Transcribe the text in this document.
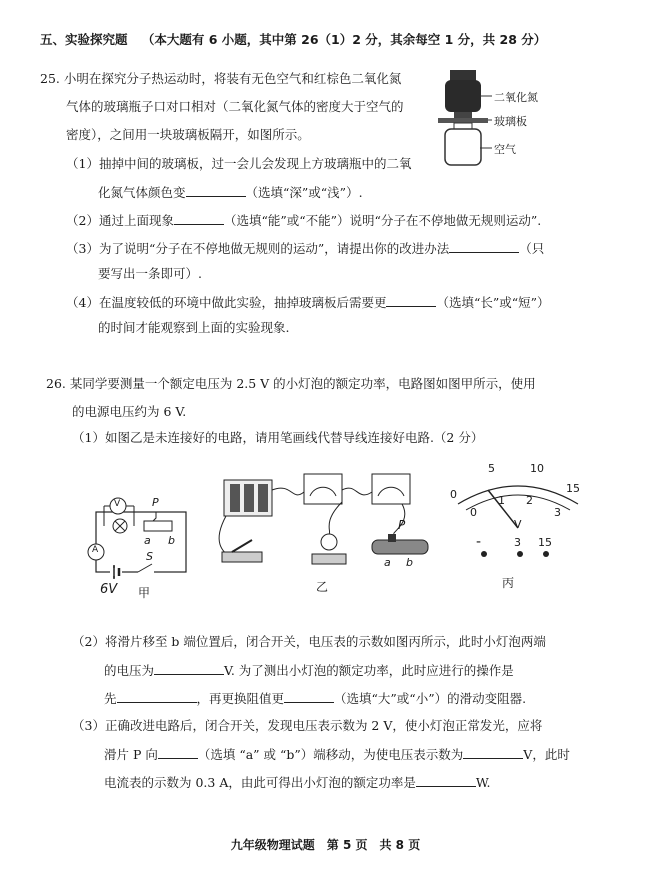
五、实验探究题 （本大题有 6 小题，其中第 26（1）2 分，其余每空 1 分，共 28 分）
25. 小明在探究分子热运动时，将装有无色空气和红棕色二氧化氮
气体的玻璃瓶子口对口相对（二氧化氮气体的密度大于空气的
密度），之间用一块玻璃板隔开，如图所示。
二氧化氮
玻璃板
空气
（1）抽掉中间的玻璃板，过一会儿会发现上方玻璃瓶中的二氧
化氮气体颜色变	（选填“深”或“浅”）.
（2）通过上面现象	（选填“能”或“不能”）说明“分子在不停地做无规则运动”.
（3）为了说明“分子在不停地做无规则的运动”，请提出你的改进办法	（只
要写出一条即可）.
（4）在温度较低的环境中做此实验，抽掉玻璃板后需要更	（选填“长”或“短”）
的时间才能观察到上面的实验现象.
26. 某同学要测量一个额定电压为 2.5 V 的小灯泡的额定功率，电路图如图甲所示，使用
的电源电压约为 6 V.
（1）如图乙是未连接好的电路，请用笔画线代替导线连接好电路.（2 分）
V
A
P
a b
S
6V 甲
P
a b
乙
5	10
15
0
0
1 2
3
V
-	3 15
丙
（2）将滑片移至 b 端位置后，闭合开关，电压表的示数如图丙所示，此时小灯泡两端
的电压为	V. 为了测出小灯泡的额定功率，此时应进行的操作是
先	，再更换阻值更	（选填“大”或“小”）的滑动变阻器.
（3）正确改进电路后，闭合开关，发现电压表示数为 2 V，使小灯泡正常发光，应将
滑片 P 向	（选填 “a” 或 “b”）端移动，为使电压表示数为	V，此时
电流表的示数为 0.3 A，由此可得出小灯泡的额定功率是	W.
九年级物理试题　第 5 页　共 8 页
